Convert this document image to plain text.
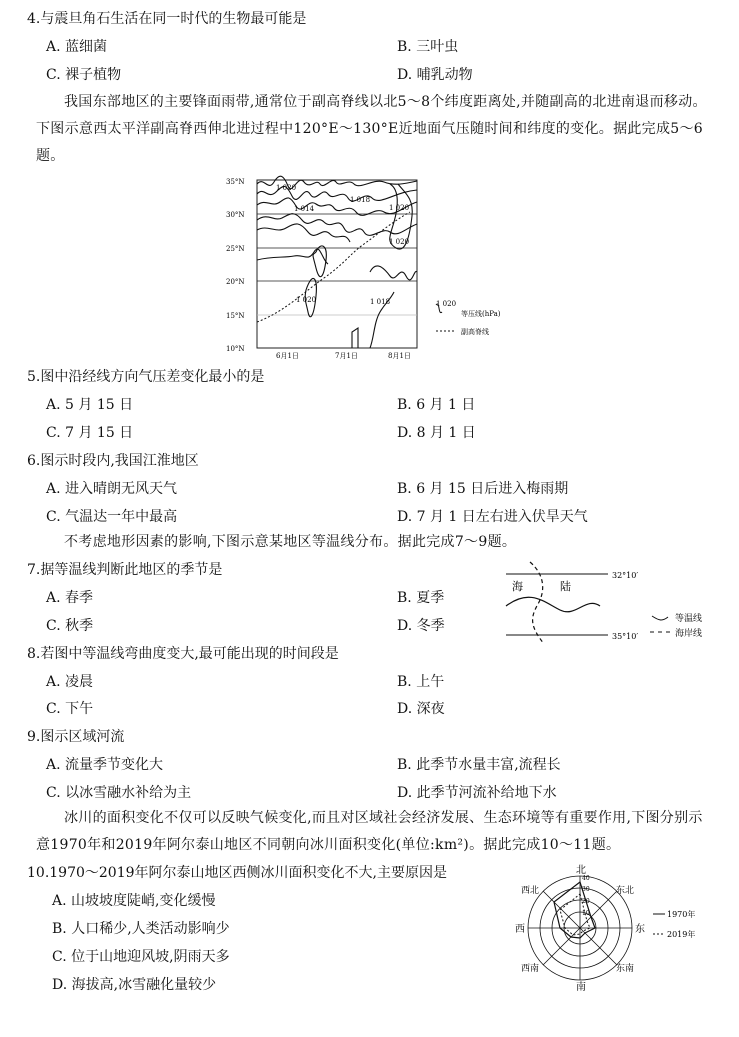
4.与震旦角石生活在同一时代的生物最可能是
A. 蓝细菌	B. 三叶虫
C. 裸子植物	D. 哺乳动物
我国东部地区的主要锋面雨带,通常位于副高脊线以北5～8个纬度距离处,并随副高的北进南退而移动。下图示意西太平洋副高脊西伸北进过程中120°E～130°E近地面气压随时间和纬度的变化。据此完成5～6题。
35°N
30°N
25°N
20°N
15°N
10°N
6月1日	7月1日	8月1日
1 020
1 014
1 018
1 020
1 020
1 020	1 018	1 020
等压线(hPa)
副高脊线
5.图中沿经线方向气压差变化最小的是
A. 5 月 15 日	B. 6 月 1 日
C. 7 月 15 日	D. 8 月 1 日
6.图示时段内,我国江淮地区
A. 进入晴朗无风天气	B. 6 月 15 日后进入梅雨期
C. 气温达一年中最高	D. 7 月 1 日左右进入伏旱天气
不考虑地形因素的影响,下图示意某地区等温线分布。据此完成7～9题。
海	陆
32°10′
35°10′
等温线
海岸线
7.据等温线判断此地区的季节是
A. 春季	B. 夏季
C. 秋季	D. 冬季
8.若图中等温线弯曲度变大,最可能出现的时间段是
A. 凌晨	B. 上午
C. 下午	D. 深夜
9.图示区域河流
A. 流量季节变化大	B. 此季节水量丰富,流程长
C. 以冰雪融水补给为主	D. 此季节河流补给地下水
冰川的面积变化不仅可以反映气候变化,而且对区域社会经济发展、生态环境等有重要作用,下图分别示意1970年和2019年阿尔泰山地区不同朝向冰川面积变化(单位:km²)。据此完成10～11题。
10.1970～2019年阿尔泰山地区西侧冰川面积变化不大,主要原因是
A. 山坡坡度陡峭,变化缓慢
B. 人口稀少,人类活动影响少
C. 位于山地迎风坡,阴雨天多
D. 海拔高,冰雪融化量较少
北
东北
东
东南
南
西南
西
西北
10
20
30
40
1970年
2019年
